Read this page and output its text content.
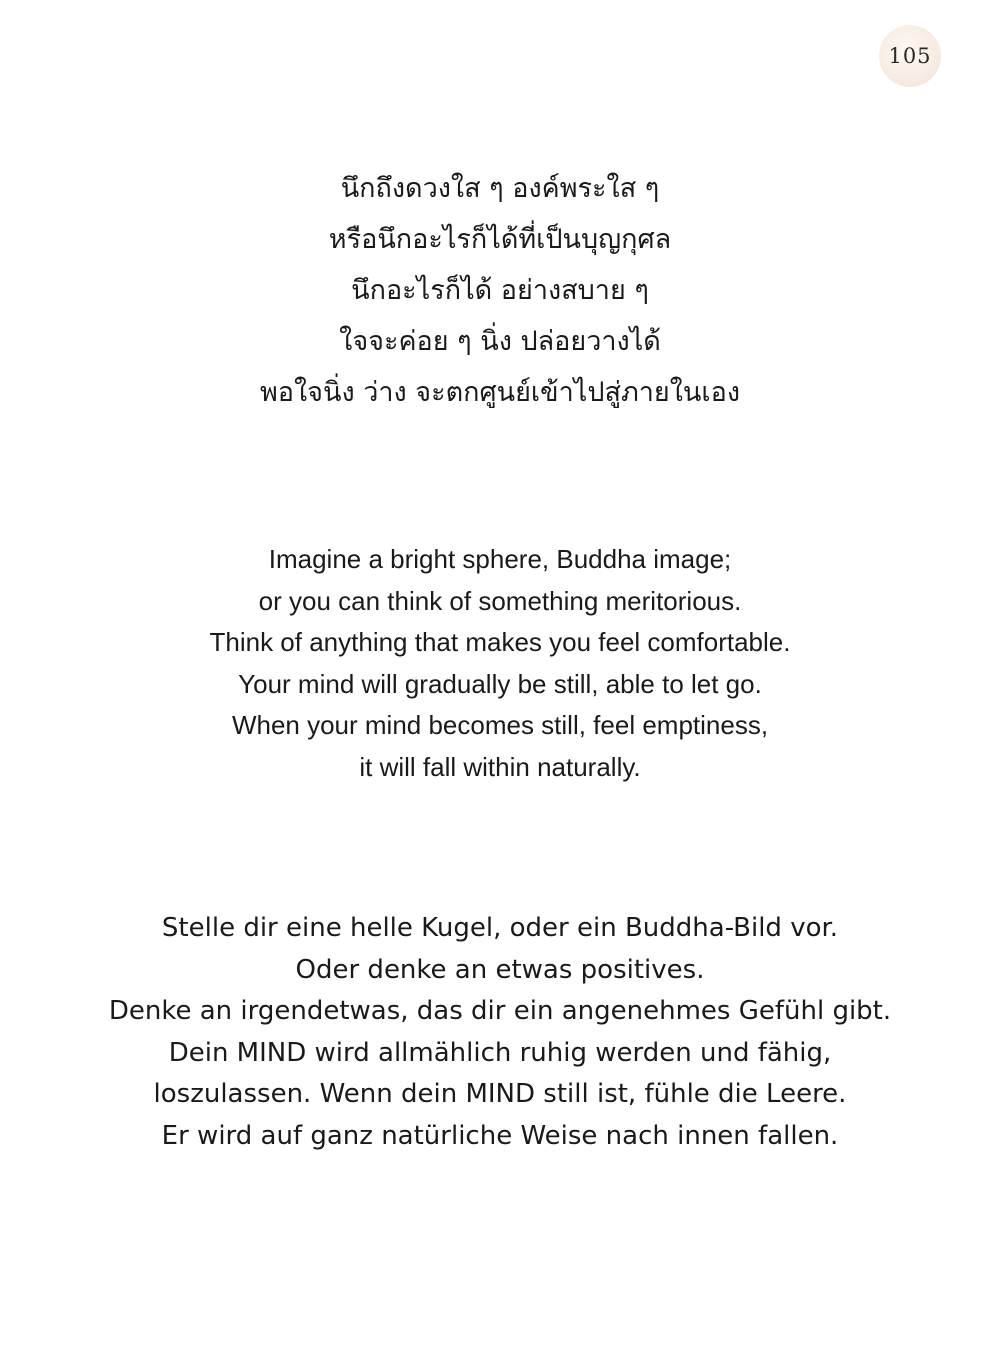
105
นึกถึงดวงใส ๆ องค์พระใส ๆ
หรือนึกอะไรก็ได้ที่เป็นบุญกุศล
นึกอะไรก็ได้ อย่างสบาย ๆ
ใจจะค่อย ๆ นิ่ง ปล่อยวางได้
พอใจนิ่ง ว่าง จะตกศูนย์เข้าไปสู่ภายในเอง
Imagine a bright sphere, Buddha image;
or you can think of something meritorious.
Think of anything that makes you feel comfortable.
Your mind will gradually be still, able to let go.
When your mind becomes still, feel emptiness,
it will fall within naturally.
Stelle dir eine helle Kugel, oder ein Buddha-Bild vor.
Oder denke an etwas positives.
Denke an irgendetwas, das dir ein angenehmes Gefühl gibt.
Dein MIND wird allmählich ruhig werden und fähig,
loszulassen. Wenn dein MIND still ist, fühle die Leere.
Er wird auf ganz natürliche Weise nach innen fallen.
